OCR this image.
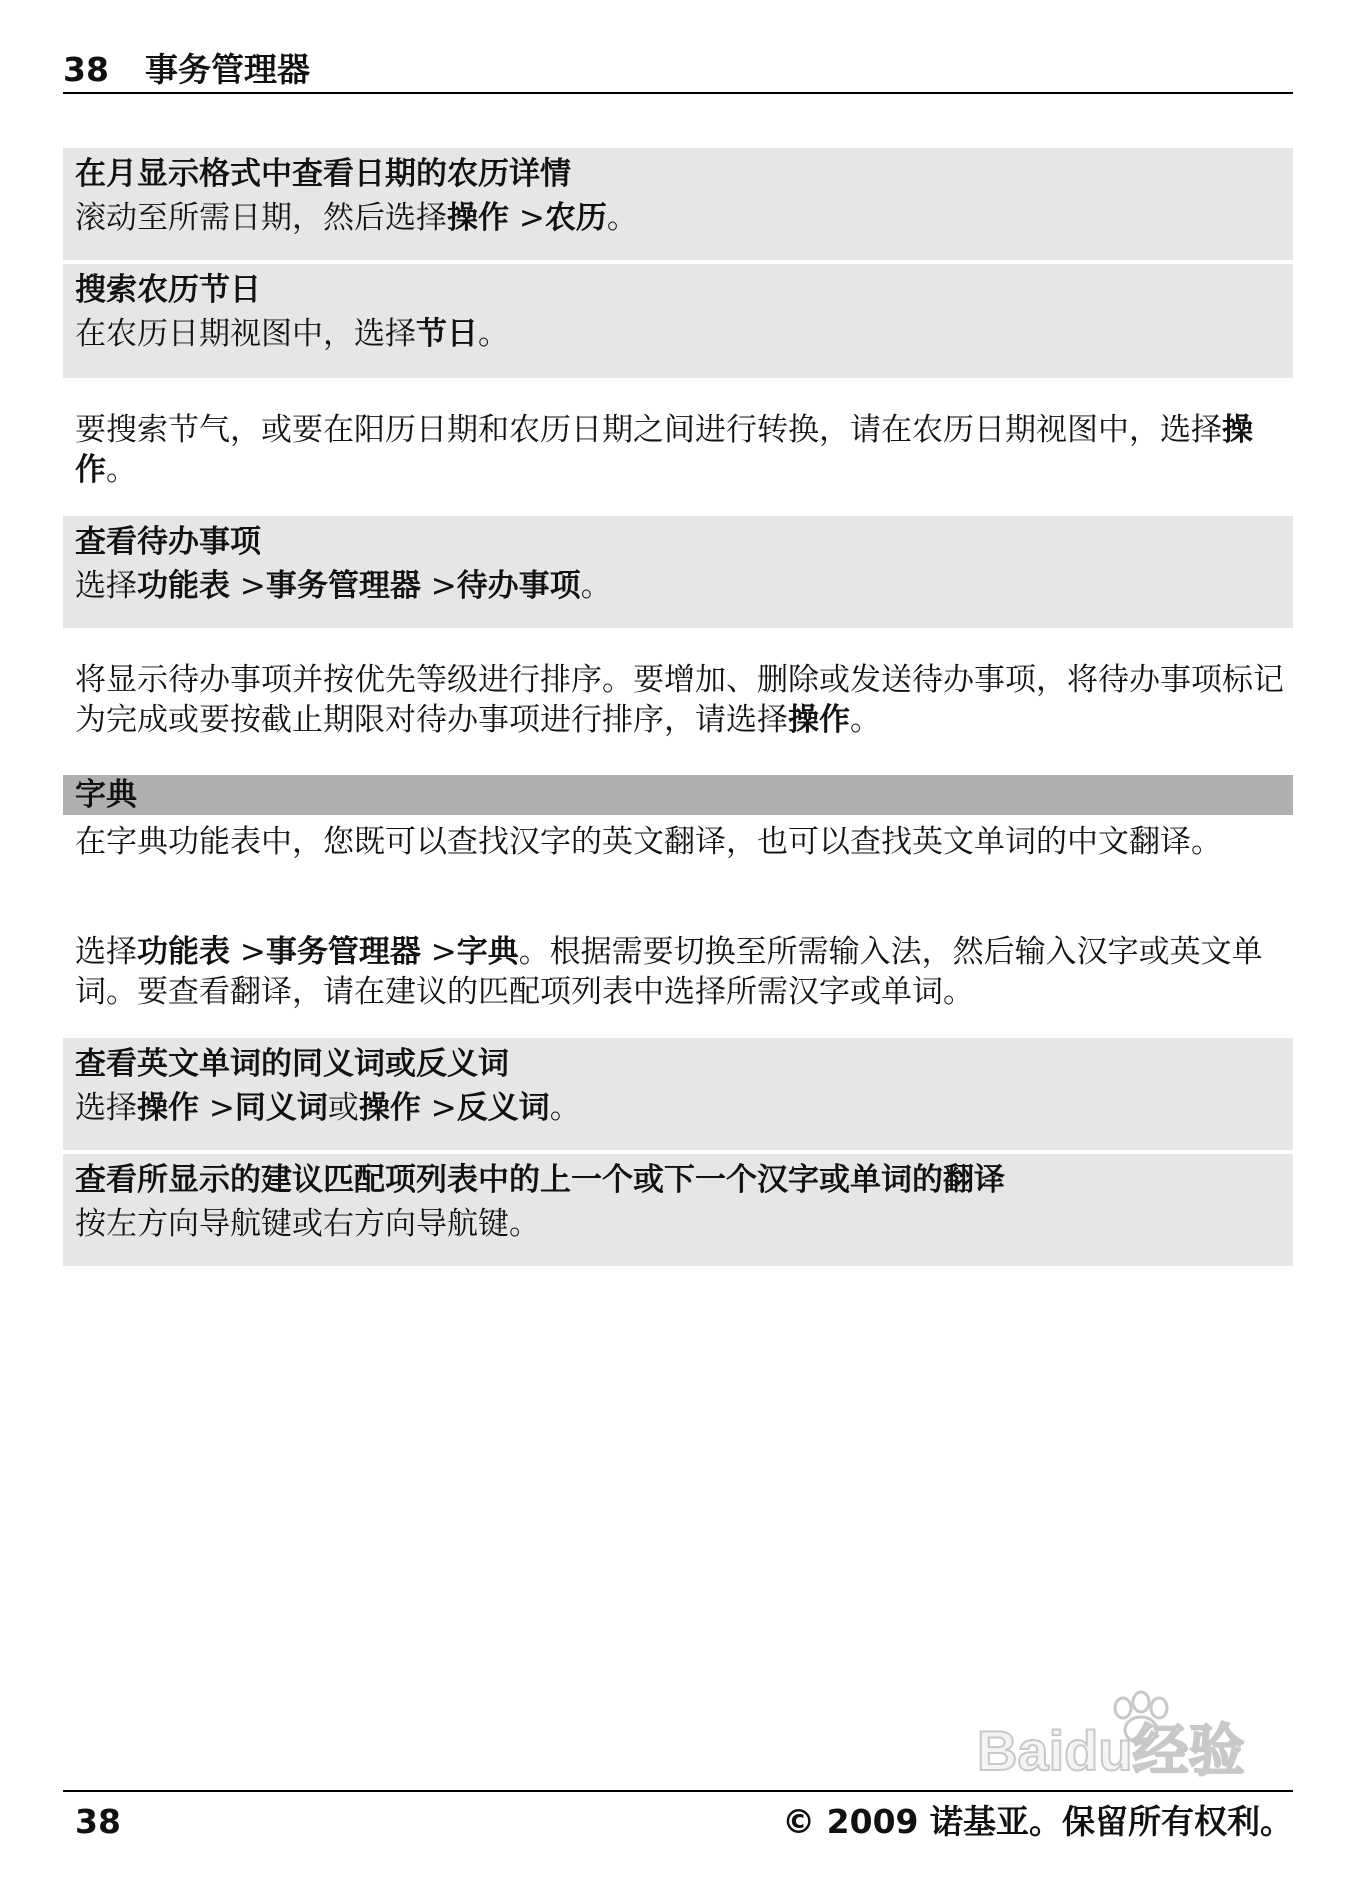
38 事务管理器
在月显示格式中查看日期的农历详情
滚动至所需日期，然后选择操作 >农历。
搜索农历节日
在农历日期视图中，选择节日。
要搜索节气，或要在阳历日期和农历日期之间进行转换，请在农历日期视图中，选择操作。
查看待办事项
选择功能表 >事务管理器 >待办事项。
将显示待办事项并按优先等级进行排序。要增加、删除或发送待办事项，将待办事项标记为完成或要按截止期限对待办事项进行排序，请选择操作。
字典
在字典功能表中，您既可以查找汉字的英文翻译，也可以查找英文单词的中文翻译。
选择功能表 >事务管理器 >字典。根据需要切换至所需输入法，然后输入汉字或英文单词。要查看翻译，请在建议的匹配项列表中选择所需汉字或单词。
查看英文单词的同义词或反义词
选择操作 >同义词或操作 >反义词。
查看所显示的建议匹配项列表中的上一个或下一个汉字或单词的翻译
按左方向导航键或右方向导航键。
Baidu经验
38	© 2009 诺基亚。保留所有权利。
